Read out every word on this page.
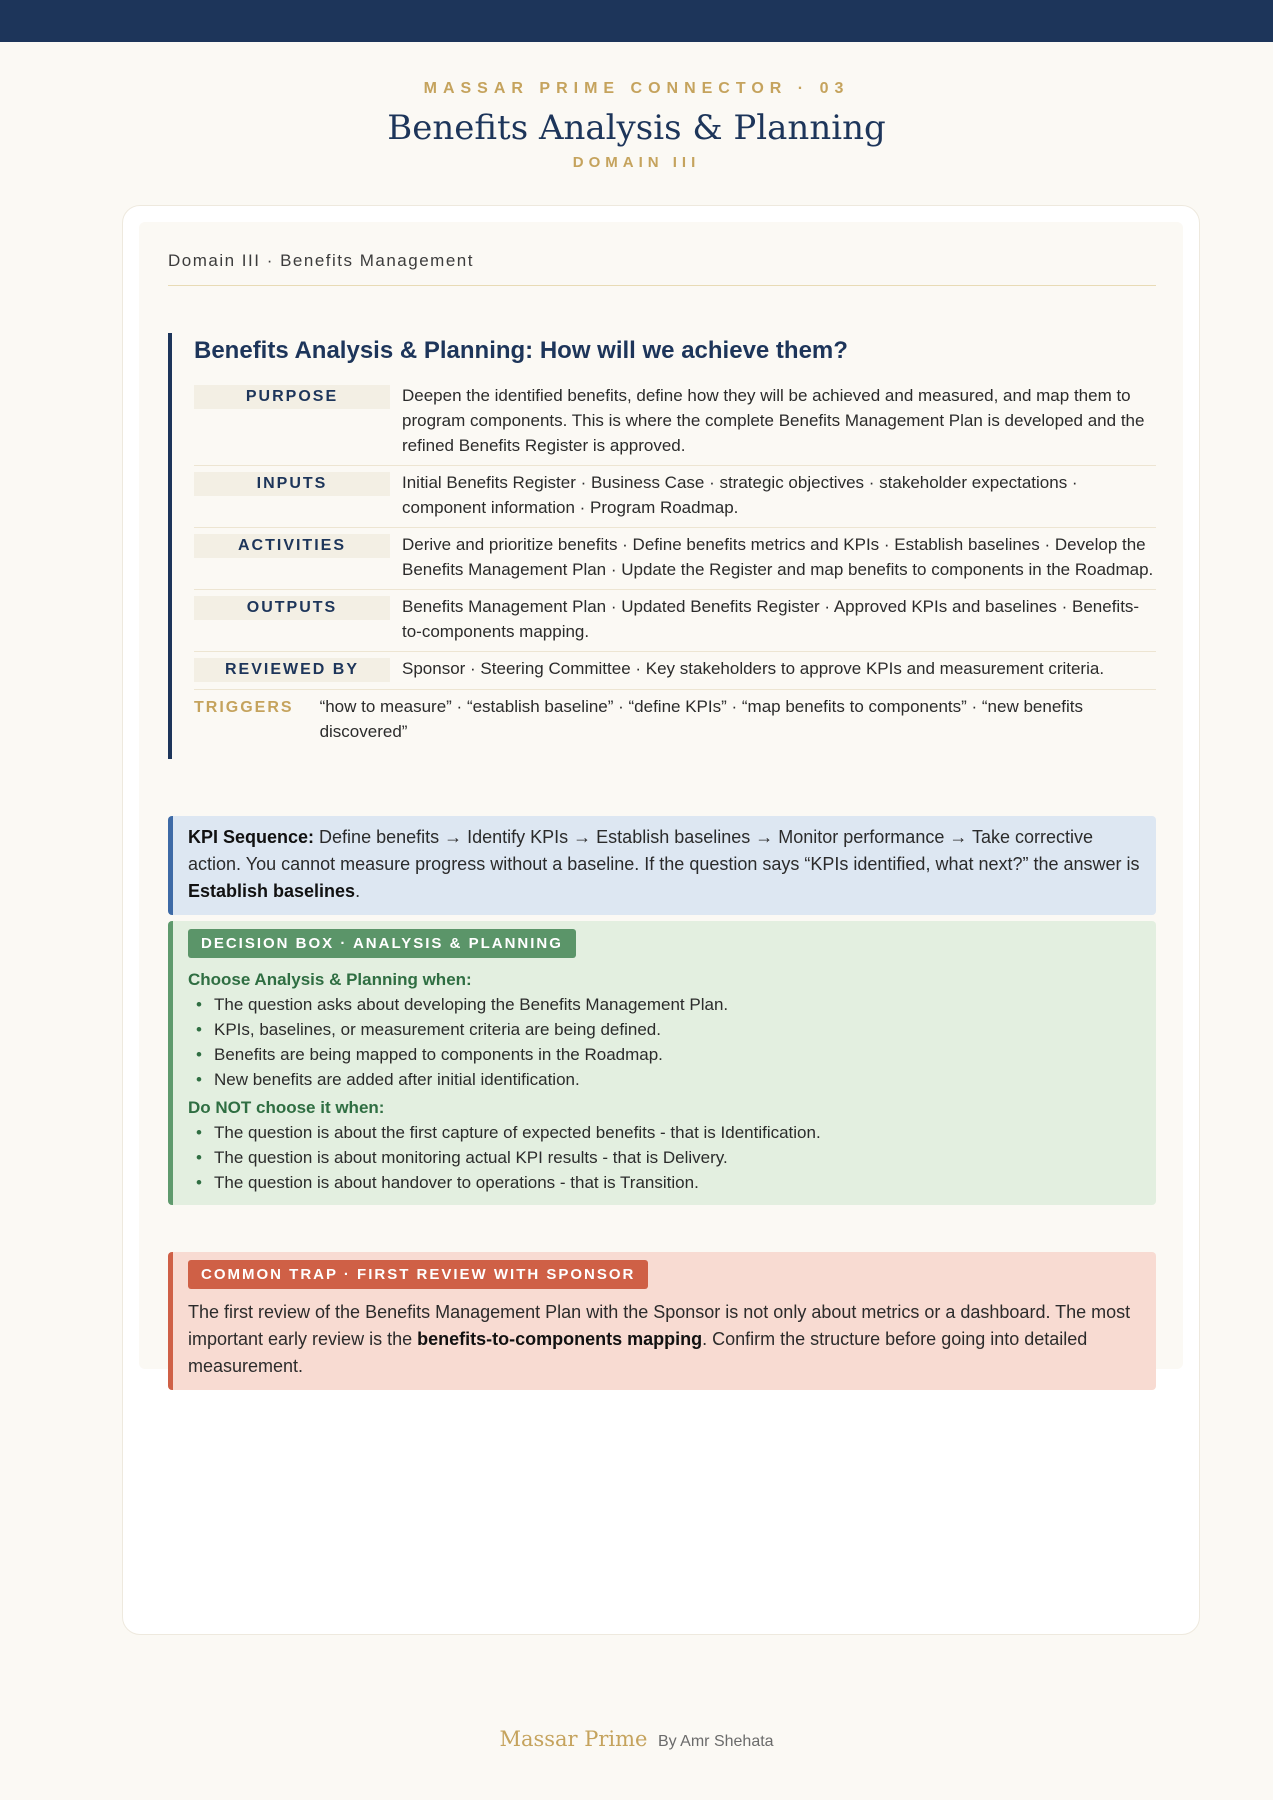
MASSAR PRIME CONNECTOR · 03
Benefits Analysis & Planning
DOMAIN III
Domain III · Benefits Management
Benefits Analysis & Planning: How will we achieve them?
PURPOSE	Deepen the identified benefits, define how they will be achieved and measured, and map them to program components. This is where the complete Benefits Management Plan is developed and the refined Benefits Register is approved.
INPUTS	Initial Benefits Register · Business Case · strategic objectives · stakeholder expectations · component information · Program Roadmap.
ACTIVITIES	Derive and prioritize benefits · Define benefits metrics and KPIs · Establish baselines · Develop the Benefits Management Plan · Update the Register and map benefits to components in the Roadmap.
OUTPUTS	Benefits Management Plan · Updated Benefits Register · Approved KPIs and baselines · Benefits-to-components mapping.
REVIEWED BY	Sponsor · Steering Committee · Key stakeholders to approve KPIs and measurement criteria.
TRIGGERS	“how to measure” · “establish baseline” · “define KPIs” · “map benefits to components” · “new benefits discovered”
KPI Sequence: Define benefits → Identify KPIs → Establish baselines → Monitor performance → Take corrective action. You cannot measure progress without a baseline. If the question says “KPIs identified, what next?” the answer is Establish baselines.
DECISION BOX · ANALYSIS & PLANNING
Choose Analysis & Planning when:
• The question asks about developing the Benefits Management Plan.
• KPIs, baselines, or measurement criteria are being defined.
• Benefits are being mapped to components in the Roadmap.
• New benefits are added after initial identification.
Do NOT choose it when:
• The question is about the first capture of expected benefits - that is Identification.
• The question is about monitoring actual KPI results - that is Delivery.
• The question is about handover to operations - that is Transition.
COMMON TRAP · FIRST REVIEW WITH SPONSOR
The first review of the Benefits Management Plan with the Sponsor is not only about metrics or a dashboard. The most important early review is the benefits-to-components mapping. Confirm the structure before going into detailed measurement.
Massar Prime By Amr Shehata
